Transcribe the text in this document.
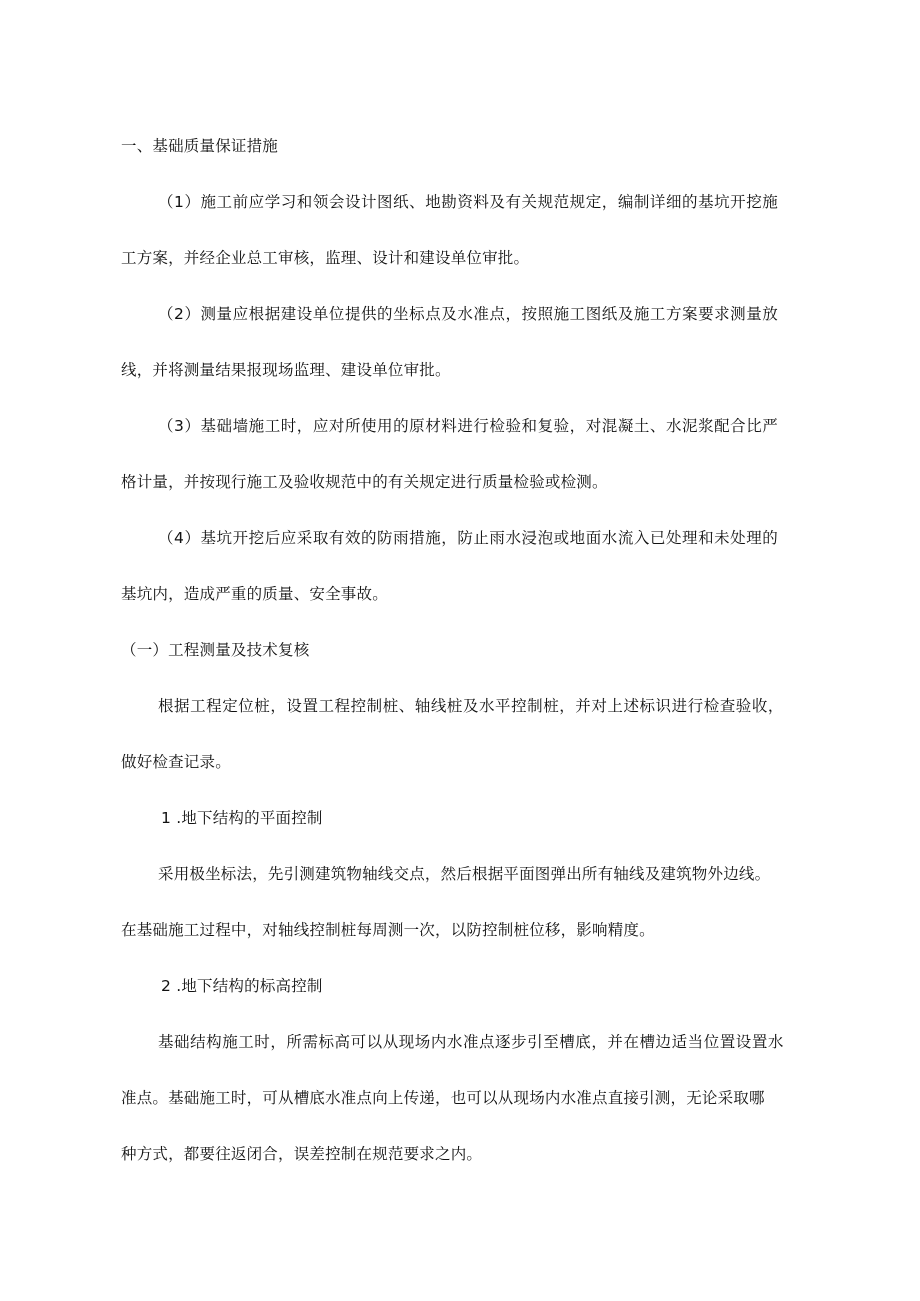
一、基础质量保证措施
（1）施工前应学习和领会设计图纸、地勘资料及有关规范规定，编制详细的基坑开挖施
工方案，并经企业总工审核，监理、设计和建设单位审批。
（2）测量应根据建设单位提供的坐标点及水准点，按照施工图纸及施工方案要求测量放
线，并将测量结果报现场监理、建设单位审批。
（3）基础墙施工时，应对所使用的原材料进行检验和复验，对混凝土、水泥浆配合比严
格计量，并按现行施工及验收规范中的有关规定进行质量检验或检测。
（4）基坑开挖后应采取有效的防雨措施，防止雨水浸泡或地面水流入已处理和未处理的
基坑内，造成严重的质量、安全事故。
（一）工程测量及技术复核
根据工程定位桩，设置工程控制桩、轴线桩及水平控制桩，并对上述标识进行检查验收，
做好检查记录。
1 .地下结构的平面控制
采用极坐标法，先引测建筑物轴线交点，然后根据平面图弹出所有轴线及建筑物外边线。
在基础施工过程中，对轴线控制桩每周测一次，以防控制桩位移，影响精度。
2 .地下结构的标高控制
基础结构施工时，所需标高可以从现场内水准点逐步引至槽底，并在槽边适当位置设置水
准点。基础施工时，可从槽底水准点向上传递，也可以从现场内水准点直接引测，无论采取哪
种方式，都要往返闭合，误差控制在规范要求之内。
